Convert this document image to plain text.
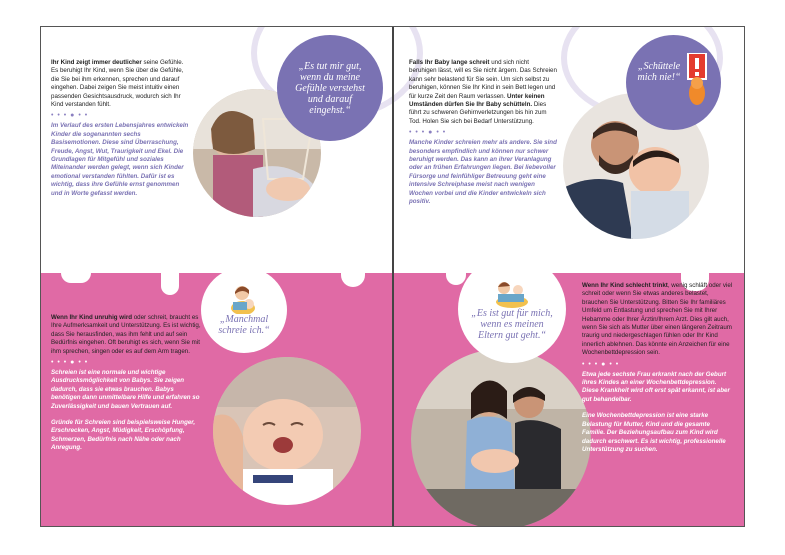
Ihr Kind zeigt immer deutlicher seine Gefühle. Es beruhigt Ihr Kind, wenn Sie über die Gefühle, die Sie bei ihm erkennen, sprechen und darauf eingehen. Dabei zeigen Sie meist intuitiv einen passenden Gesichtsausdruck, wodurch sich Ihr Kind verstanden fühlt.

• • • ● • •

Im Verlauf des ersten Lebensjahres entwickeln Kinder die sogenannten sechs Basisemotionen. Diese sind Überraschung, Freude, Angst, Wut, Traurigkeit und Ekel. Die Grundlagen für Mitgefühl und soziales Miteinander werden gelegt, wenn sich Kinder emotional verstanden fühlten. Dafür ist es wichtig, dass ihre Gefühle ernst genommen und in Worte gefasst werden.

„Es tut mir gut, wenn du meine Gefühle verstehst und darauf eingehst.“

Wenn Ihr Kind unruhig wird oder schreit, braucht es Ihre Aufmerksamkeit und Unterstützung. Es ist wichtig, dass Sie herausfinden, was ihm fehlt und auf sein Bedürfnis eingehen. Oft beruhigt es sich, wenn Sie mit ihm sprechen, singen oder es auf dem Arm tragen.

• • • ● • •

Schreien ist eine normale und wichtige Ausdrucksmöglichkeit von Babys. Sie zeigen dadurch, dass sie etwas brauchen. Babys benötigen dann unmittelbare Hilfe und erfahren so Zuverlässigkeit und bauen Vertrauen auf.

Gründe für Schreien sind beispielsweise Hunger, Erschrecken, Angst, Müdigkeit, Erschöpfung, Schmerzen, Bedürfnis nach Nähe oder nach Anregung.

„Manchmal schreie ich.“

Falls Ihr Baby lange schreit und sich nicht beruhigen lässt, will es Sie nicht ärgern. Das Schreien kann sehr belastend für Sie sein. Um sich selbst zu beruhigen, können Sie Ihr Kind in sein Bett legen und für kurze Zeit den Raum verlassen. Unter keinen Umständen dürfen Sie Ihr Baby schütteln. Dies führt zu schweren Gehirnverletzungen bis hin zum Tod. Holen Sie sich bei Bedarf Unterstützung.

• • • ● • •

Manche Kinder schreien mehr als andere. Sie sind besonders empfindlich und können nur schwer beruhigt werden. Das kann an ihrer Veranlagung oder an frühen Erfahrungen liegen. Bei liebevoller Fürsorge und feinfühliger Betreuung geht eine intensive Schreiphase meist nach wenigen Wochen vorbei und die Kinder entwickeln sich positiv.

„Schüttele mich nie!“
„Es ist gut für mich, wenn es meinen Eltern gut geht.“

Wenn Ihr Kind schlecht trinkt, wenig schläft oder viel schreit oder wenn Sie etwas anderes belastet, brauchen Sie Unterstützung. Bitten Sie Ihr familiäres Umfeld um Entlastung und sprechen Sie mit Ihrer Hebamme oder Ihrer Ärztin/Ihrem Arzt. Dies gilt auch, wenn Sie sich als Mutter über einen längeren Zeitraum traurig und niedergeschlagen fühlen oder Ihr Kind innerlich ablehnen. Das könnte ein Anzeichen für eine Wochenbettdepression sein.

• • • ● • •

Etwa jede sechste Frau erkrankt nach der Geburt ihres Kindes an einer Wochenbettdepression. Diese Krankheit wird oft erst spät erkannt, ist aber gut behandelbar.

Eine Wochenbettdepression ist eine starke Belastung für Mutter, Kind und die gesamte Familie. Der Beziehungsaufbau zum Kind wird dadurch erschwert. Es ist wichtig, professionelle Unterstützung zu suchen.
